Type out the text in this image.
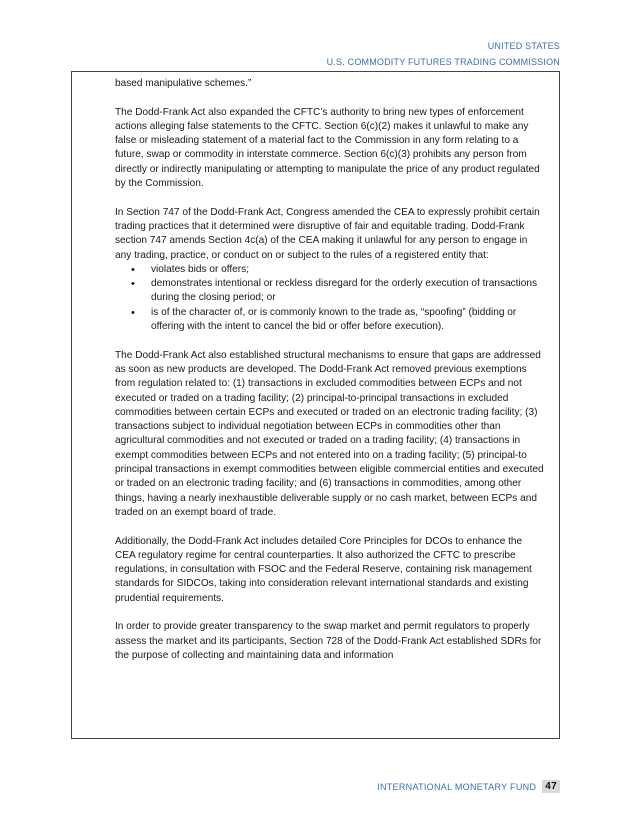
UNITED STATES
U.S. COMMODITY FUTURES TRADING COMMISSION

based manipulative schemes.”

The Dodd-Frank Act also expanded the CFTC’s authority to bring new types of enforcement actions alleging false statements to the CFTC. Section 6(c)(2) makes it unlawful to make any false or misleading statement of a material fact to the Commission in any form relating to a future, swap or commodity in interstate commerce. Section 6(c)(3) prohibits any person from directly or indirectly manipulating or attempting to manipulate the price of any product regulated by the Commission.

In Section 747 of the Dodd-Frank Act, Congress amended the CEA to expressly prohibit certain trading practices that it determined were disruptive of fair and equitable trading. Dodd-Frank section 747 amends Section 4c(a) of the CEA making it unlawful for any person to engage in any trading, practice, or conduct on or subject to the rules of a registered entity that:

• violates bids or offers;
• demonstrates intentional or reckless disregard for the orderly execution of transactions during the closing period; or
• is of the character of, or is commonly known to the trade as, “spoofing” (bidding or offering with the intent to cancel the bid or offer before execution).

The Dodd-Frank Act also established structural mechanisms to ensure that gaps are addressed as soon as new products are developed. The Dodd-Frank Act removed previous exemptions from regulation related to: (1) transactions in excluded commodities between ECPs and not executed or traded on a trading facility; (2) principal-to-principal transactions in excluded commodities between certain ECPs and executed or traded on an electronic trading facility; (3) transactions subject to individual negotiation between ECPs in commodities other than agricultural commodities and not executed or traded on a trading facility; (4) transactions in exempt commodities between ECPs and not entered into on a trading facility; (5) principal-to principal transactions in exempt commodities between eligible commercial entities and executed or traded on an electronic trading facility; and (6) transactions in commodities, among other things, having a nearly inexhaustible deliverable supply or no cash market, between ECPs and traded on an exempt board of trade.

Additionally, the Dodd-Frank Act includes detailed Core Principles for DCOs to enhance the CEA regulatory regime for central counterparties. It also authorized the CFTC to prescribe regulations, in consultation with FSOC and the Federal Reserve, containing risk management standards for SIDCOs, taking into consideration relevant international standards and existing prudential requirements.

In order to provide greater transparency to the swap market and permit regulators to properly assess the market and its participants, Section 728 of the Dodd-Frank Act established SDRs for the purpose of collecting and maintaining data and information

INTERNATIONAL MONETARY FUND 47
